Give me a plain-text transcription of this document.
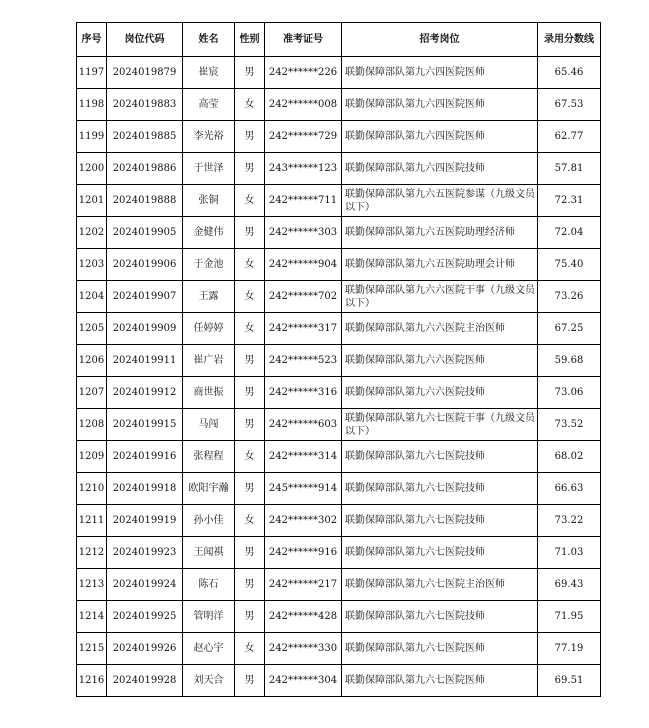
序号	岗位代码	姓名	性别	准考证号	招考岗位	录用分数线
1197	2024019879	崔宸	男	242******226	联勤保障部队第九六四医院医师	65.46
1198	2024019883	高莹	女	242******008	联勤保障部队第九六四医院医师	67.53
1199	2024019885	李光裕	男	242******729	联勤保障部队第九六四医院医师	62.77
1200	2024019886	于世泽	男	243******123	联勤保障部队第九六四医院技师	57.81
1201	2024019888	张铜	女	242******711	联勤保障部队第九六五医院参谋（九级文员以下）	72.31
1202	2024019905	金健伟	男	242******303	联勤保障部队第九六五医院助理经济师	72.04
1203	2024019906	于金池	女	242******904	联勤保障部队第九六五医院助理会计师	75.40
1204	2024019907	王露	女	242******702	联勤保障部队第九六六医院干事（九级文员以下）	73.26
1205	2024019909	任婷婷	女	242******317	联勤保障部队第九六六医院主治医师	67.25
1206	2024019911	崔广岩	男	242******523	联勤保障部队第九六六医院医师	59.68
1207	2024019912	商世振	男	242******316	联勤保障部队第九六六医院技师	73.06
1208	2024019915	马闯	男	242******603	联勤保障部队第九六七医院干事（九级文员以下）	73.52
1209	2024019916	张程程	女	242******314	联勤保障部队第九六七医院技师	68.02
1210	2024019918	欧阳宇瀚	男	245******914	联勤保障部队第九六七医院技师	66.63
1211	2024019919	孙小佳	女	242******302	联勤保障部队第九六七医院技师	73.22
1212	2024019923	王闻祺	男	242******916	联勤保障部队第九六七医院技师	71.03
1213	2024019924	陈石	男	242******217	联勤保障部队第九六七医院主治医师	69.43
1214	2024019925	管明洋	男	242******428	联勤保障部队第九六七医院技师	71.95
1215	2024019926	赵心宇	女	242******330	联勤保障部队第九六七医院医师	77.19
1216	2024019928	刘天合	男	242******304	联勤保障部队第九六七医院医师	69.51
